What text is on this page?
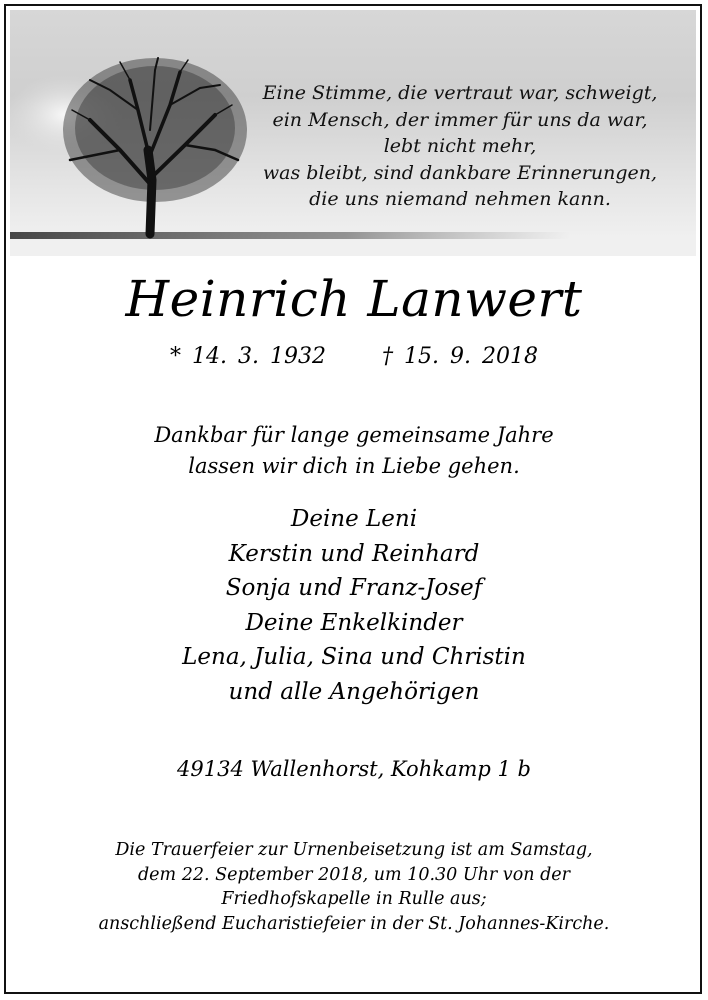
Eine Stimme, die vertraut war, schweigt,
ein Mensch, der immer für uns da war,
lebt nicht mehr,
was bleibt, sind dankbare Erinnerungen,
die uns niemand nehmen kann.
Heinrich Lanwert
* 14. 3. 1932	† 15. 9. 2018
Dankbar für lange gemeinsame Jahre
lassen wir dich in Liebe gehen.
Deine Leni
Kerstin und Reinhard
Sonja und Franz-Josef
Deine Enkelkinder
Lena, Julia, Sina und Christin
und alle Angehörigen
49134 Wallenhorst, Kohkamp 1 b
Die Trauerfeier zur Urnenbeisetzung ist am Samstag,
dem 22. September 2018, um 10.30 Uhr von der
Friedhofskapelle in Rulle aus;
anschließend Eucharistiefeier in der St. Johannes-Kirche.
